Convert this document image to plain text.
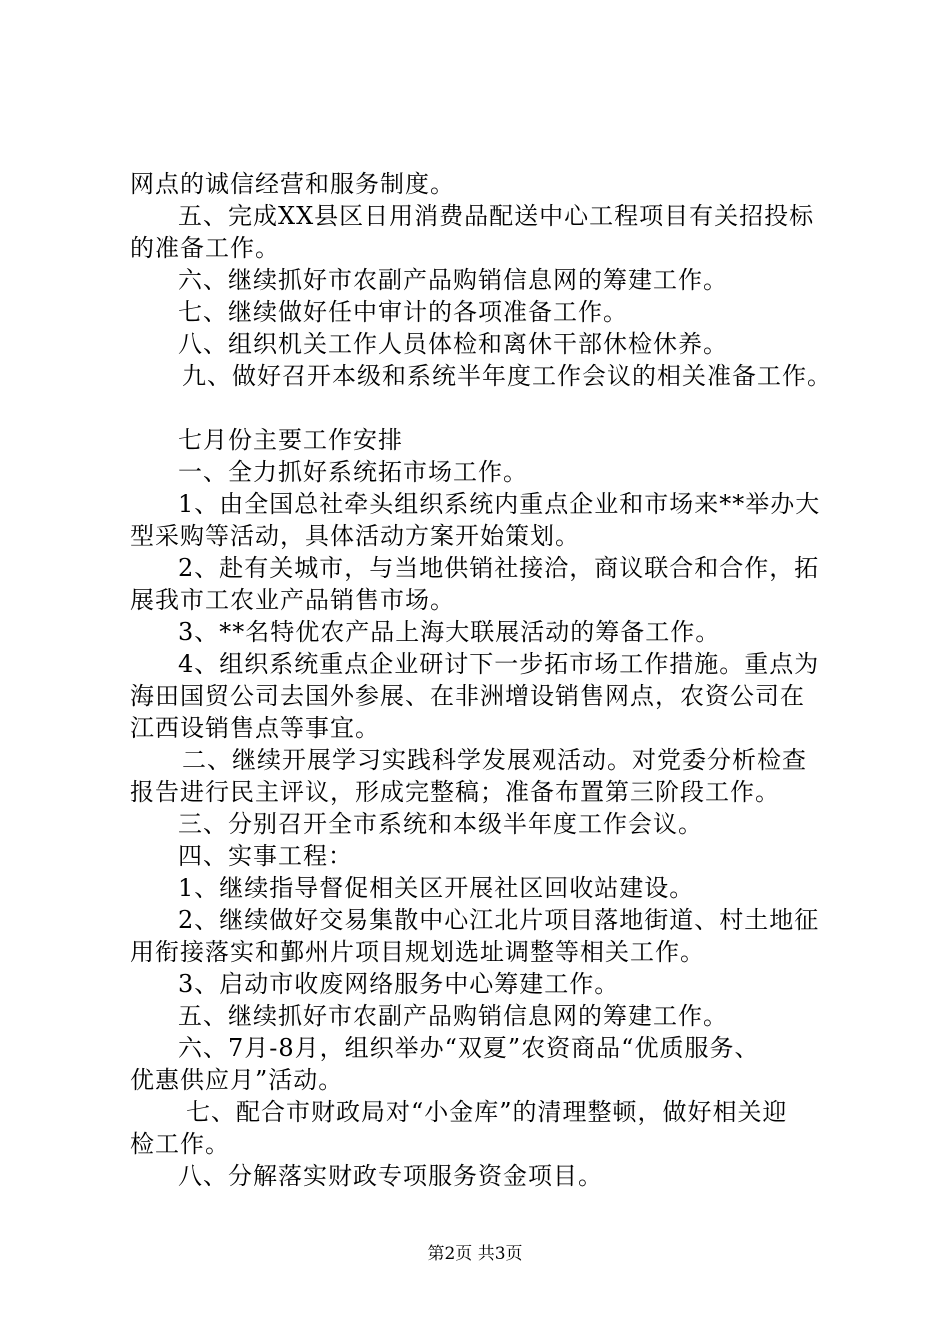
网点的诚信经营和服务制度。
五、完成XX县区日用消费品配送中心工程项目有关招投标
的准备工作。
六、继续抓好市农副产品购销信息网的筹建工作。
七、继续做好任中审计的各项准备工作。
八、组织机关工作人员体检和离休干部休检休养。
九、做好召开本级和系统半年度工作会议的相关准备工作。
七月份主要工作安排
一、全力抓好系统拓市场工作。
1、由全国总社牵头组织系统内重点企业和市场来**举办大
型采购等活动，具体活动方案开始策划。
2、赴有关城市，与当地供销社接洽，商议联合和合作，拓
展我市工农业产品销售市场。
3、**名特优农产品上海大联展活动的筹备工作。
4、组织系统重点企业研讨下一步拓市场工作措施。重点为
海田国贸公司去国外参展、在非洲增设销售网点，农资公司在
江西设销售点等事宜。
二、继续开展学习实践科学发展观活动。对党委分析检查
报告进行民主评议，形成完整稿；准备布置第三阶段工作。
三、分别召开全市系统和本级半年度工作会议。
四、实事工程：
1、继续指导督促相关区开展社区回收站建设。
2、继续做好交易集散中心江北片项目落地街道、村土地征
用衔接落实和鄞州片项目规划选址调整等相关工作。
3、启动市收废网络服务中心筹建工作。
五、继续抓好市农副产品购销信息网的筹建工作。
六、7月-8月，组织举办“双夏”农资商品“优质服务、
优惠供应月”活动。
七、配合市财政局对“小金库”的清理整顿，做好相关迎
检工作。
八、分解落实财政专项服务资金项目。
第2页 共3页
